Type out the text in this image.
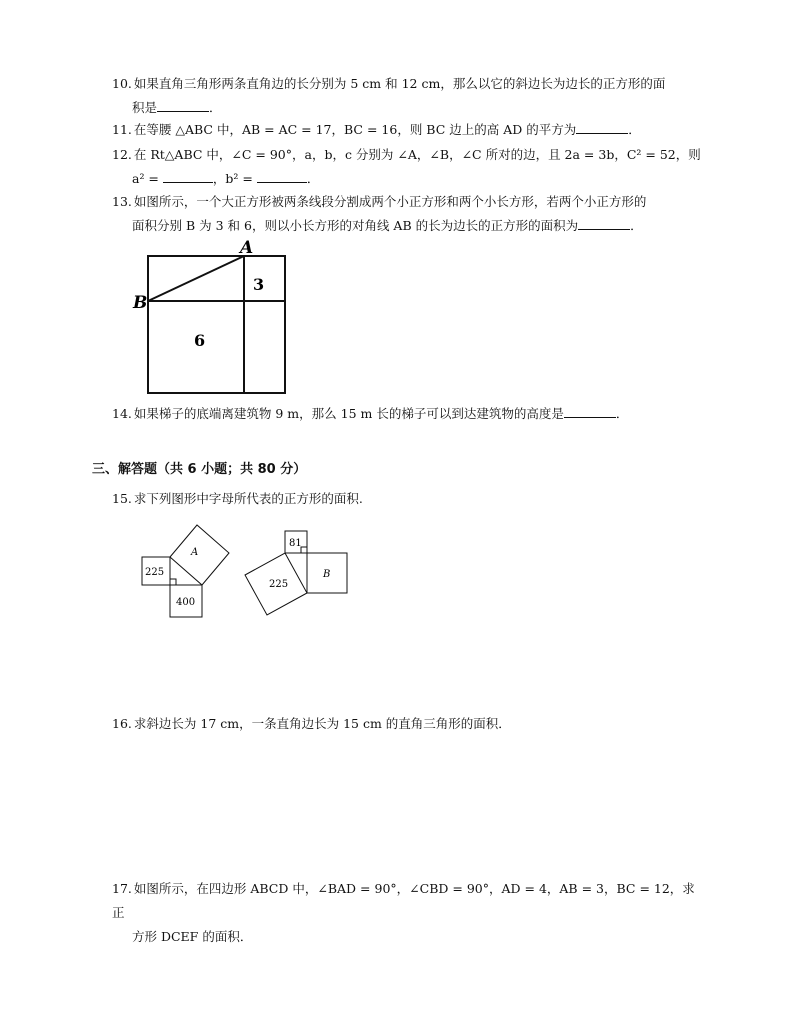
10. 如果直角三角形两条直角边的长分别为 5 cm 和 12 cm，那么以它的斜边长为边长的正方形的面
积是	．
11. 在等腰 △ABC 中，AB = AC = 17，BC = 16，则 BC 边上的高 AD 的平方为	．
12. 在 Rt△ABC 中，∠C = 90°，a，b，c 分别为 ∠A，∠B，∠C 所对的边，且 2a = 3b，C² = 52，则
a² =	，b² =	．
13. 如图所示，一个大正方形被两条线段分割成两个小正方形和两个小长方形，若两个小正方形的
面积分别 B 为 3 和 6，则以小长方形的对角线 AB 的长为边长的正方形的面积为	．
A
B
3
6
14. 如果梯子的底端离建筑物 9 m，那么 15 m 长的梯子可以到达建筑物的高度是	．
三、解答题（共 6 小题；共 80 分）
15. 求下列图形中字母所代表的正方形的面积.
225
400
A
81
225
B
16. 求斜边长为 17 cm，一条直角边长为 15 cm 的直角三角形的面积．
17. 如图所示，在四边形 ABCD 中，∠BAD = 90°，∠CBD = 90°，AD = 4，AB = 3，BC = 12，求正
方形 DCEF 的面积．
